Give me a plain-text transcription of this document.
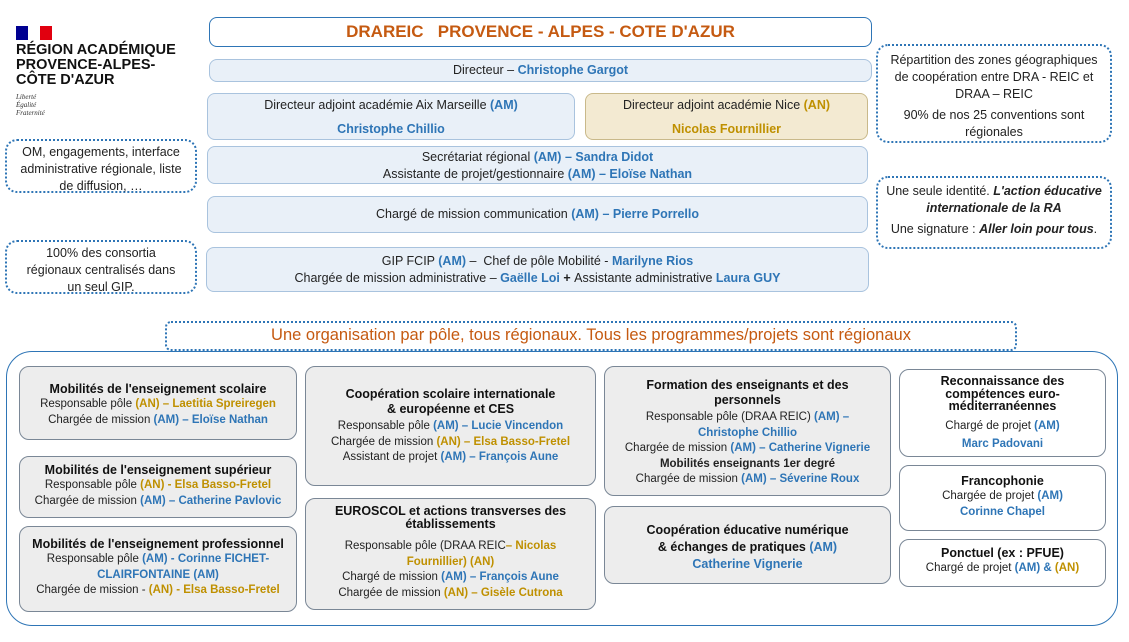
RÉGION ACADÉMIQUE
PROVENCE-ALPES-
CÔTE D'AZUR
Liberté
Égalité
Fraternité
DRAREIC   PROVENCE - ALPES - COTE D'AZUR
Directeur – Christophe Gargot
Directeur adjoint académie Aix Marseille (AM)
Christophe Chillio
Directeur adjoint académie Nice (AN)
Nicolas Fournillier
Secrétariat régional (AM) – Sandra Didot
Assistante de projet/gestionnaire (AM) – Eloïse Nathan
Chargé de mission communication (AM) – Pierre Porrello
GIP FCIP (AM) –  Chef de pôle Mobilité - Marilyne Rios
Chargée de mission administrative – Gaëlle Loi + Assistante administrative Laura GUY
OM, engagements, interface administrative régionale, liste de diffusion, …
100% des consortia régionaux centralisés dans un seul GIP.
Répartition des zones géographiques de coopération entre DRA - REIC et DRAA – REIC
90% de nos 25 conventions sont régionales
Une seule identité. L'action éducative internationale de la RA
Une signature : Aller loin pour tous.
Une organisation par pôle, tous régionaux. Tous les programmes/projets sont régionaux
Mobilités de l'enseignement scolaire
Responsable pôle (AN) – Laetitia Spreiregen
Chargée de mission (AM) – Eloïse Nathan
Mobilités de l'enseignement supérieur
Responsable pôle (AN) - Elsa Basso-Fretel
Chargée de mission (AM) – Catherine Pavlovic
Mobilités de l'enseignement professionnel
Responsable pôle (AM) - Corinne FICHET-CLAIRFONTAINE (AM)
Chargée de mission - (AN) - Elsa Basso-Fretel
Coopération scolaire internationale
& européenne et CES
Responsable pôle (AM) – Lucie Vincendon
Chargée de mission (AN) – Elsa Basso-Fretel
Assistant de projet (AM) – François Aune
EUROSCOL et actions transverses des établissements
Responsable pôle (DRAA REIC– Nicolas Fournillier) (AN)
Chargé de mission (AM) – François Aune
Chargée de mission (AN) – Gisèle Cutrona
Formation des enseignants et des personnels
Responsable pôle (DRAA REIC) (AM) – Christophe Chillio
Chargée de mission (AM) – Catherine Vignerie
Mobilités enseignants 1er degré
Chargée de mission (AM) – Séverine Roux
Coopération éducative numérique
& échanges de pratiques (AM)
Catherine Vignerie
Reconnaissance des compétences euro-méditerranéennes
Chargé de projet (AM)
Marc Padovani
Francophonie
Chargée de projet (AM)
Corinne Chapel
Ponctuel (ex : PFUE)
Chargé de projet (AM) & (AN)
